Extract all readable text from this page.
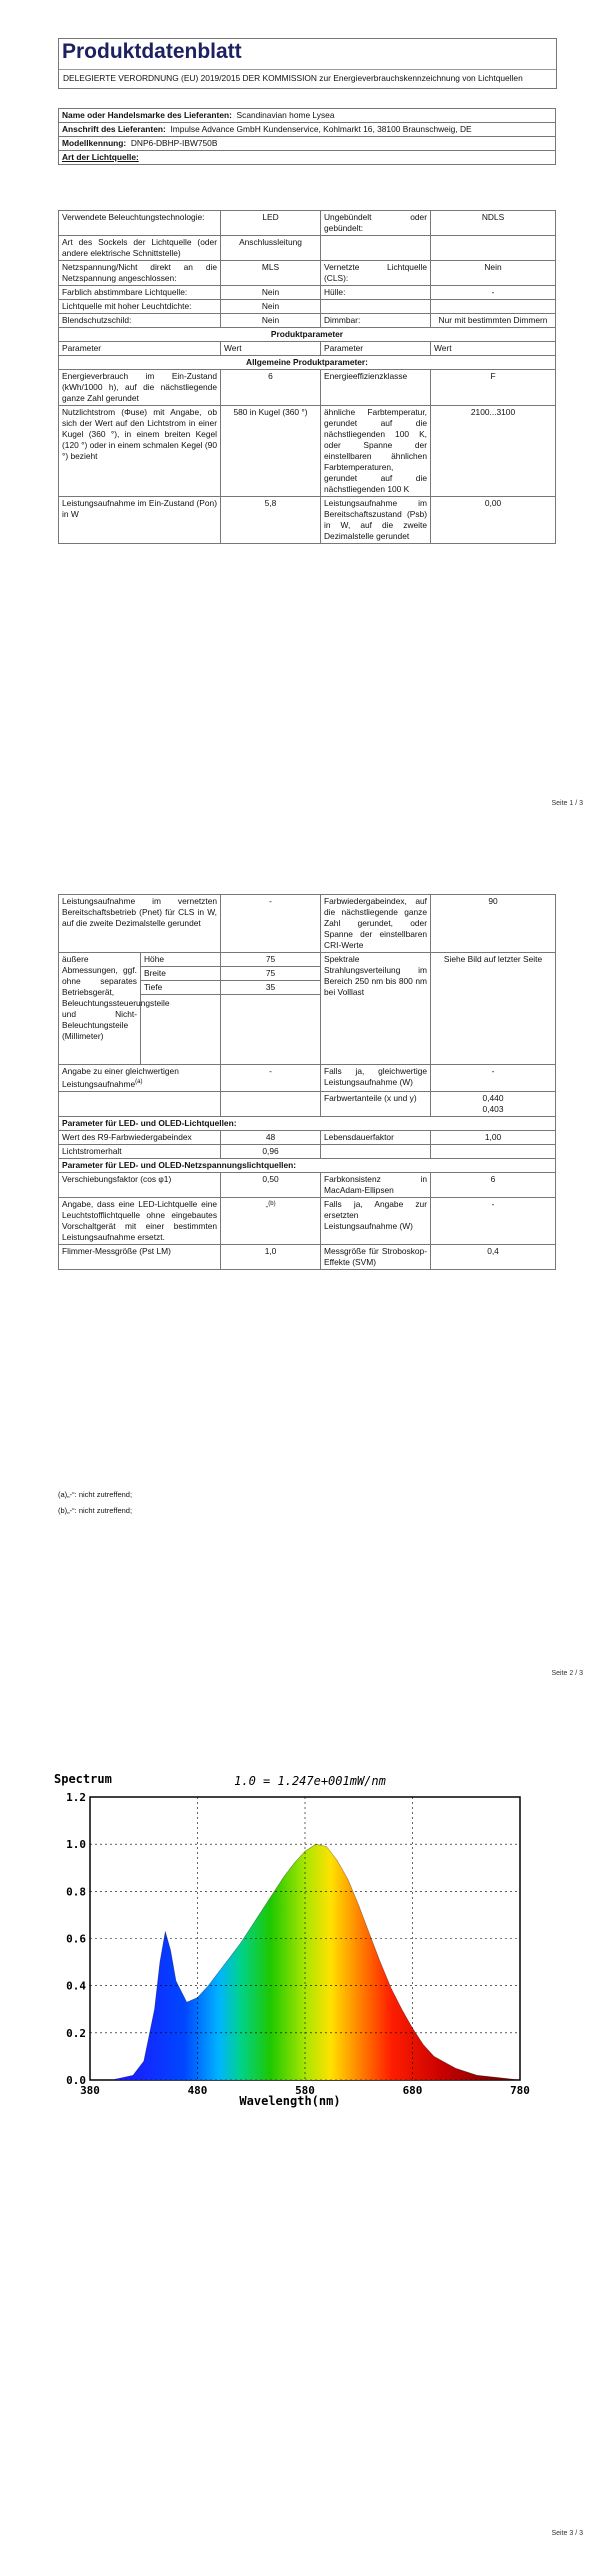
DELEGIERTE VERORDNUNG (EU) 2019/2015 DER KOMMISSION zur Energieverbrauchskennzeichnung von Lichtquellen
Produktdatenblatt
Name oder Handelsmarke des Lieferanten: Scandinavian home Lysea
Anschrift des Lieferanten: Impulse Advance GmbH Kundenservice, Kohlmarkt 16, 38100 Braunschweig, DE
Modellkennung: DNP6-DBHP-IBW750B
Art der Lichtquelle:
Verwendete Beleuchtungstechnologie:	LED	Ungebündelt oder gebündelt:	NDLS
Art des Sockels der Lichtquelle (oder andere elektrische Schnittstelle)	Anschlussleitung		
Netzspannung/Nicht direkt an die Netzspannung angeschlossen:	MLS	Vernetzte Lichtquelle (CLS):	Nein
Farblich abstimmbare Lichtquelle:	Nein	Hülle:	-
Lichtquelle mit hoher Leuchtdichte:	Nein		
Blendschutzschild:	Nein	Dimmbar:	Nur mit bestimmten Dimmern
Produktparameter			
Parameter	Wert	Parameter	Wert
Allgemeine Produktparameter:			
Energieverbrauch im Ein-Zustand (kWh/1000 h), auf die nächstliegende ganze Zahl gerundet	6	Energieeffizienzklasse	F
Nutzlichtstrom (Φuse) mit Angabe, ob sich der Wert auf den Lichtstrom in einer Kugel (360 °), in einem breiten Kegel (120 °) oder in einem schmalen Kegel (90 °) bezieht	580 in Kugel (360 °)	ähnliche Farbtemperatur, gerundet auf die nächstliegenden 100 K, oder Spanne der einstellbaren ähnlichen Farbtemperaturen, gerundet auf die nächstliegenden 100 K	2100...3100
Leistungsaufnahme im Ein-Zustand (Pon) in W	5,8	Leistungsaufnahme im Bereitschaftszustand (Psb) in W, auf die zweite Dezimalstelle gerundet	0,00
Seite 1 / 3
Leistungsaufnahme im vernetzten Bereitschaftsbetrieb (Pnet) für CLS in W, auf die zweite Dezimalstelle gerundet		-	Farbwiedergabeindex, auf die nächstliegende ganze Zahl gerundet, oder Spanne der einstellbaren CRI-Werte	90
äußere Abmessungen, ggf. ohne separates Betriebsgerät, Beleuchtungssteuerungsteile und Nicht-Beleuchtungsteile (Millimeter)	Höhe	75	Spektrale Strahlungsverteilung im Bereich 250 nm bis 800 nm bei Volllast	Siehe Bild auf letzter Seite
	Breite	75		
	Tiefe	35		

Angabe zu einer gleichwertigen Leistungsaufnahme$^{(a)}$		-	Falls ja, gleichwertige Leistungsaufnahme (W)	-
			Farbwertanteile (x und y)	0,440
0,403

Parameter für LED- und OLED-Lichtquellen:				
Wert des R9-Farbwiedergabeindex		48	Lebensdauerfaktor	1,00
Lichtstromerhalt		0,96		
Parameter für LED- und OLED-Netzspannungslichtquellen:				
Verschiebungsfaktor (cos φ1)		0,50	Farbkonsistenz in MacAdam-Ellipsen	6
Angabe, dass eine LED-Lichtquelle eine Leuchtstofflichtquelle ohne eingebautes Vorschaltgerät mit einer bestimmten Leistungsaufnahme ersetzt.		-$^{(b)}$	Falls ja, Angabe zur ersetzten Leistungsaufnahme (W)	-
Flimmer-Messgröße (Pst LM)		1,0	Messgröße für Stroboskop-Effekte (SVM)	0,4
(a)„-“: nicht zutreffend;
(b)„-“: nicht zutreffend;
Seite 2 / 3
0.0
0.2
0.4
0.6
0.8
1.0
1.2
380	480	580	680	780
Spectrum	1.0 = 1.247e+001mW/nm
Wavelength(nm)
Seite 3 / 3
